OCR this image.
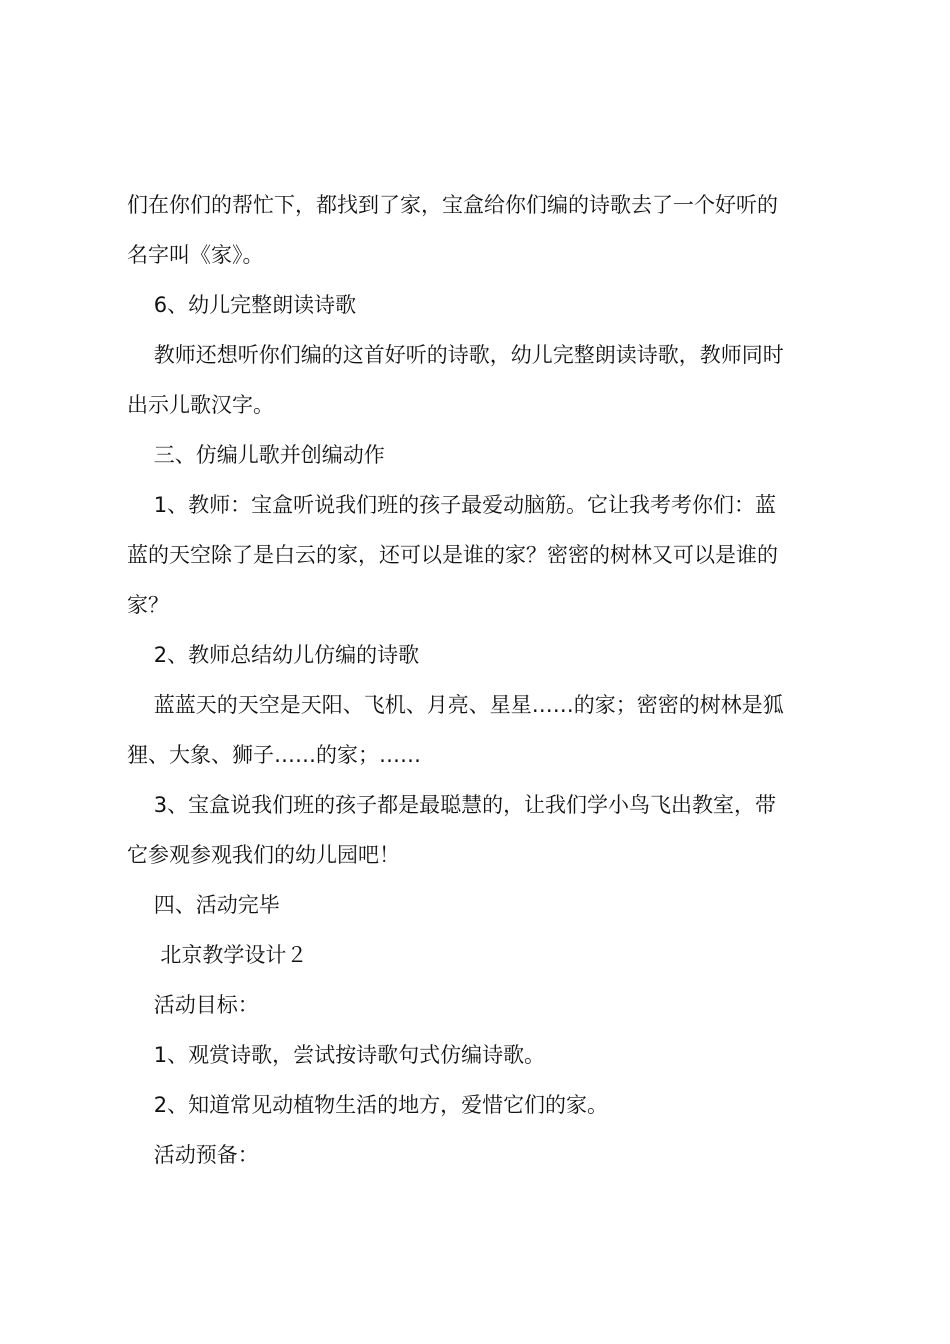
们在你们的帮忙下，都找到了家，宝盒给你们编的诗歌去了一个好听的

名字叫《家》。

6、幼儿完整朗读诗歌

教师还想听你们编的这首好听的诗歌，幼儿完整朗读诗歌，教师同时

出示儿歌汉字。

三、仿编儿歌并创编动作

1、教师：宝盒听说我们班的孩子最爱动脑筋。它让我考考你们：蓝

蓝的天空除了是白云的家，还可以是谁的家？密密的树林又可以是谁的

家？

2、教师总结幼儿仿编的诗歌

蓝蓝天的天空是天阳、飞机、月亮、星星……的家；密密的树林是狐

狸、大象、狮子……的家；……

3、宝盒说我们班的孩子都是最聪慧的，让我们学小鸟飞出教室，带

它参观参观我们的幼儿园吧！

四、活动完毕

北京教学设计２

活动目标：

1、观赏诗歌，尝试按诗歌句式仿编诗歌。

2、知道常见动植物生活的地方，爱惜它们的家。

活动预备：
